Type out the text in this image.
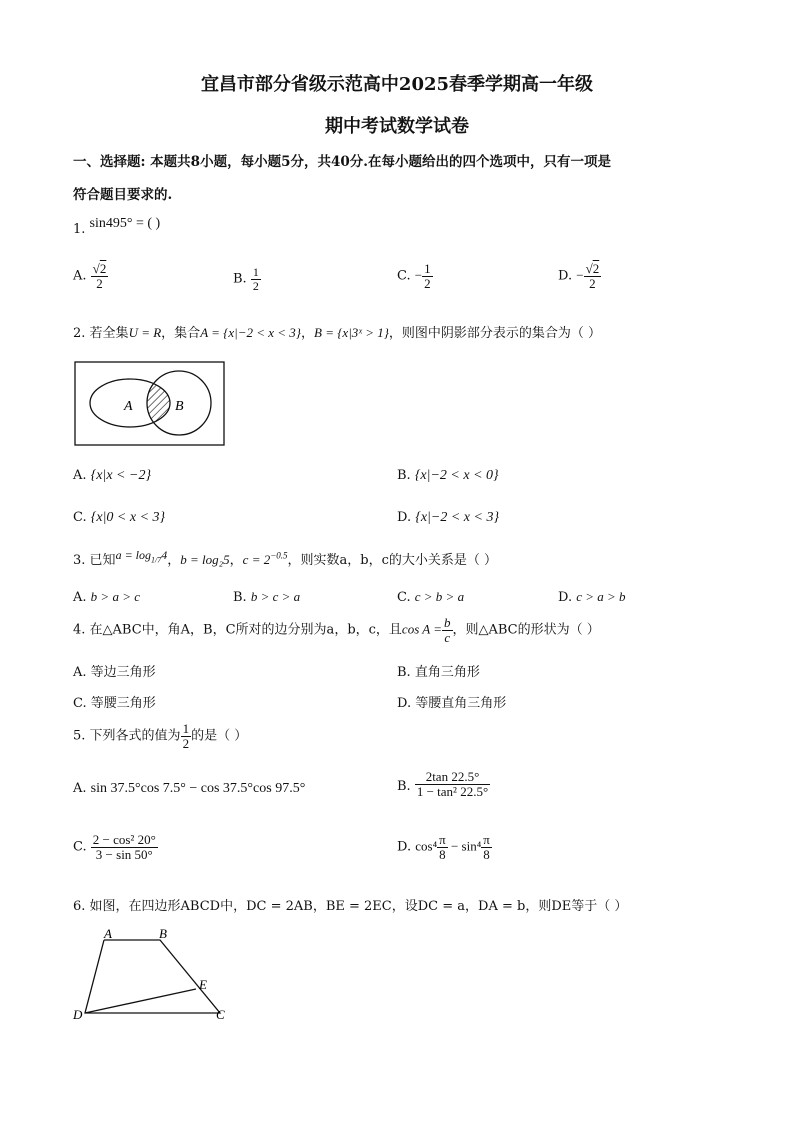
宜昌市部分省级示范高中2025春季学期高一年级
期中考试数学试卷
一、选择题: 本题共8小题，每小题5分，共40分.在每小题给出的四个选项中，只有一项是
符合题目要求的.
1. sin495° = ( )
A. $\frac{√2}{2}$	B. $\frac{1}{2}$	C. − $\frac{1}{2}$	D. − $\frac{√2}{2}$
2. 若全集U = R，集合A = {x|−2 < x < 3}，B = {x|3ˣ > 1}，则图中阴影部分表示的集合为（ ）
A	B
A. {x|x < −2}	B. {x|−2 < x < 0}
C. {x|0 < x < 3}	D. {x|−2 < x < 3}
3. 已知$a = \log_{1/7}4$，b = log₂5，$c = 2^{-0.5}$，则实数a，b，c的大小关系是（ ）
A. b > a > c	B. b > c > a	C. c > b > a	D. c > a > b
4. 在△ABC中，角A，B，C所对的边分别为a，b，c，且$\cos A = \frac{b}{c}$ ，则△ABC的形状为（ ）
A. 等边三角形	B. 直角三角形
C. 等腰三角形	D. 等腰直角三角形
5. 下列各式的值为 $\frac{1}{2}$ 的是（ ）
A. sin 37.5°cos 7.5° − cos 37.5°cos 97.5°	B. $\frac{2\tan 22.5^\circ}{\text{1 − tan² 22.5°}}$
C. $\frac{\text{2 − cos² 20°}}{3 - \sin 50^\circ}$	D. $\cos^4 \frac{\pi}{8} - \sin^4 \frac{\pi}{8}$
6. 如图，在四边形ABCD中，DC = 2AB，BE = 2EC，设DC = a，DA = b，则DE等于（ ）
A	B
E
D	C
